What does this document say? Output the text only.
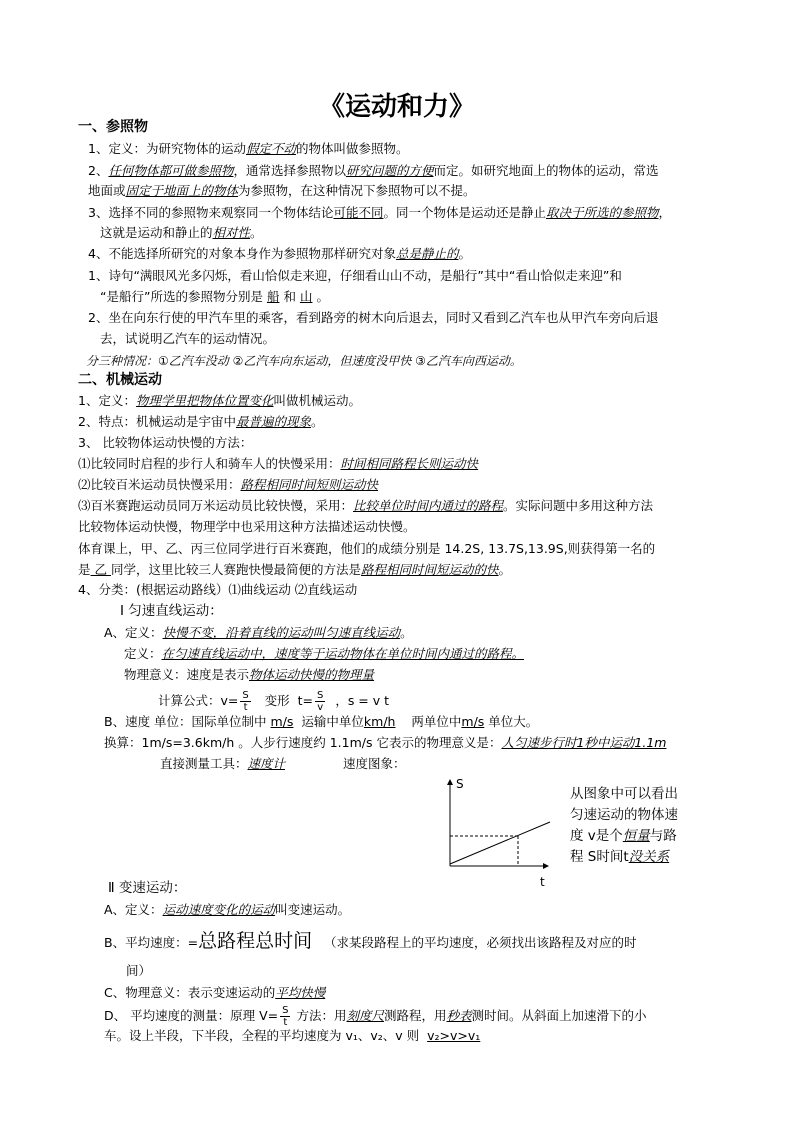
《运动和力》
一、参照物
1、定义：为研究物体的运动假定不动的物体叫做参照物。
2、任何物体都可做参照物，通常选择参照物以研究问题的方便而定。如研究地面上的物体的运动，常选
地面或固定于地面上的物体为参照物，在这种情况下参照物可以不提。
3、选择不同的参照物来观察同一个物体结论可能不同。同一个物体是运动还是静止取决于所选的参照物，
这就是运动和静止的相对性。
4、不能选择所研究的对象本身作为参照物那样研究对象总是静止的。
1、诗句“满眼风光多闪烁，看山恰似走来迎，仔细看山山不动，是船行”其中“看山恰似走来迎”和
“是船行”所选的参照物分别是 船 和 山 。
2、坐在向东行使的甲汽车里的乘客，看到路旁的树木向后退去，同时又看到乙汽车也从甲汽车旁向后退
去，试说明乙汽车的运动情况。
分三种情况：①乙汽车没动 ②乙汽车向东运动，但速度没甲快 ③乙汽车向西运动。
二、机械运动
1、定义：物理学里把物体位置变化叫做机械运动。
2、特点：机械运动是宇宙中最普遍的现象。
3、 比较物体运动快慢的方法：
⑴比较同时启程的步行人和骑车人的快慢采用：时间相同路程长则运动快
⑵比较百米运动员快慢采用：路程相同时间短则运动快
⑶百米赛跑运动员同万米运动员比较快慢，采用：比较单位时间内通过的路程。实际问题中多用这种方法
比较物体运动快慢，物理学中也采用这种方法描述运动快慢。
体育课上，甲、乙、丙三位同学进行百米赛跑，他们的成绩分别是 14.2S, 13.7S,13.9S,则获得第一名的
是 乙 同学，这里比较三人赛跑快慢最简便的方法是路程相同时间短运动的快。
4、分类：(根据运动路线）⑴曲线运动 ⑵直线运动
Ⅰ 匀速直线运动：
A、定义：快慢不变，沿着直线的运动叫匀速直线运动。
定义：在匀速直线运动中，速度等于运动物体在单位时间内通过的路程。
物理意义：速度是表示物体运动快慢的物理量
计算公式：$v= \frac{S}{t}$ 变形 $t= \frac{S}{v}$ ，s = v t
B、速度 单位：国际单位制中 m/s 运输中单位km/h 两单位中m/s 单位大。
换算：1m/s=3.6km/h 。人步行速度约 1.1m/s 它表示的物理意义是：人匀速步行时1秒中运动1.1m
直接测量工具：速度计	速度图象：
S
t
从图象中可以看出
匀速运动的物体速
度 v是个恒量与路
程 S时间t没关系
Ⅱ 变速运动：
A、定义：运动速度变化的运动叫变速运动。
B、平均速度：=总路程总时间 （求某段路程上的平均速度，必须找出该路程及对应的时
间）
C、物理意义：表示变速运动的平均快慢
D、 平均速度的测量：原理 $V= \frac{S}{t}$ 方法：用刻度尺测路程，用秒表测时间。从斜面上加速滑下的小
车。设上半段，下半段，全程的平均速度为 v₁、v₂、v 则 v₂>v>v₁
